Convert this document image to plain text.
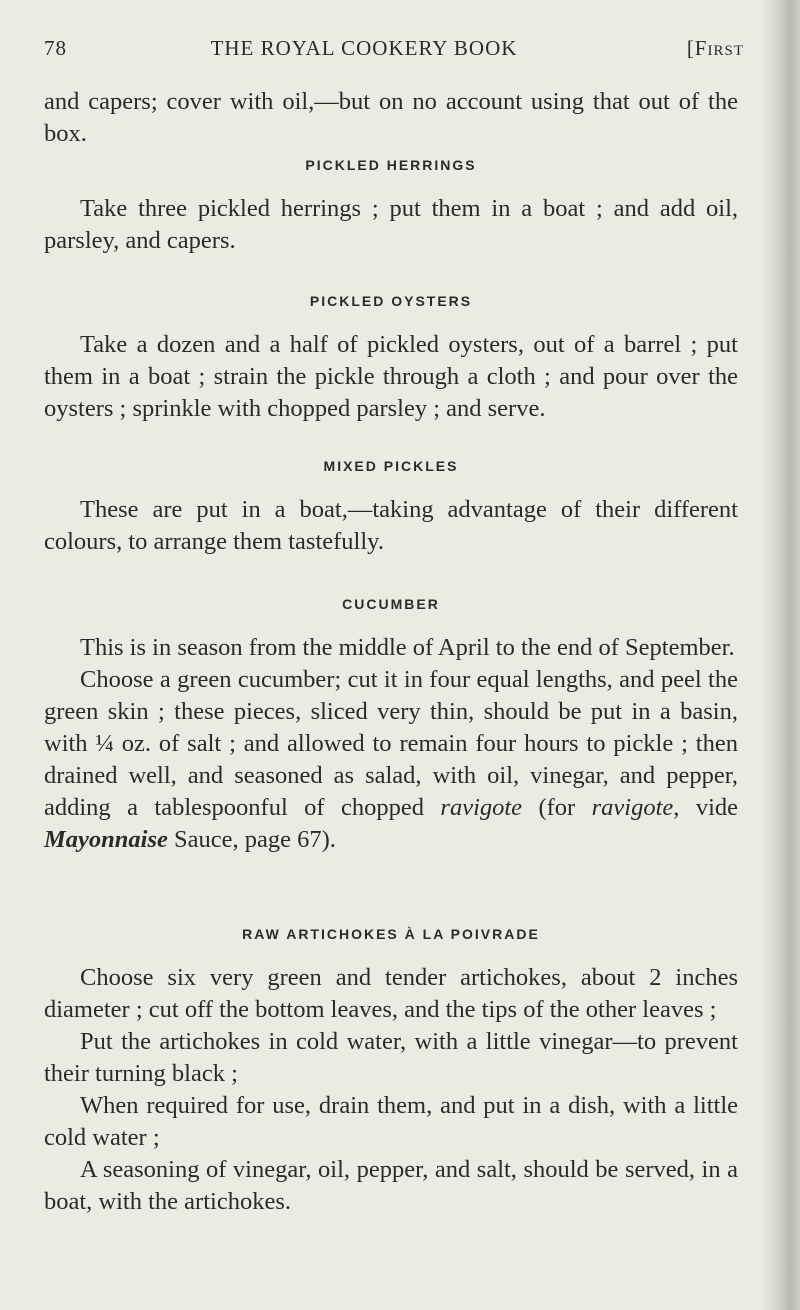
78	THE ROYAL COOKERY BOOK	[First

and capers; cover with oil,—but on no account using that out of the box.

PICKLED HERRINGS

Take three pickled herrings ; put them in a boat ; and add oil, parsley, and capers.

PICKLED OYSTERS

Take a dozen and a half of pickled oysters, out of a barrel ; put them in a boat ; strain the pickle through a cloth ; and pour over the oysters ; sprinkle with chopped parsley ; and serve.

MIXED PICKLES

These are put in a boat,—taking advantage of their different colours, to arrange them tastefully.

CUCUMBER

This is in season from the middle of April to the end of September.

Choose a green cucumber; cut it in four equal lengths, and peel the green skin ; these pieces, sliced very thin, should be put in a basin, with ¼ oz. of salt ; and allowed to remain four hours to pickle ; then drained well, and seasoned as salad, with oil, vinegar, and pepper, adding a tablespoonful of chopped ravigote (for ravigote, vide Mayonnaise Sauce, page 67).

RAW ARTICHOKES À LA POIVRADE

Choose six very green and tender artichokes, about 2 inches diameter ; cut off the bottom leaves, and the tips of the other leaves ;

Put the artichokes in cold water, with a little vinegar—to prevent their turning black ;

When required for use, drain them, and put in a dish, with a little cold water ;

A seasoning of vinegar, oil, pepper, and salt, should be served, in a boat, with the artichokes.
